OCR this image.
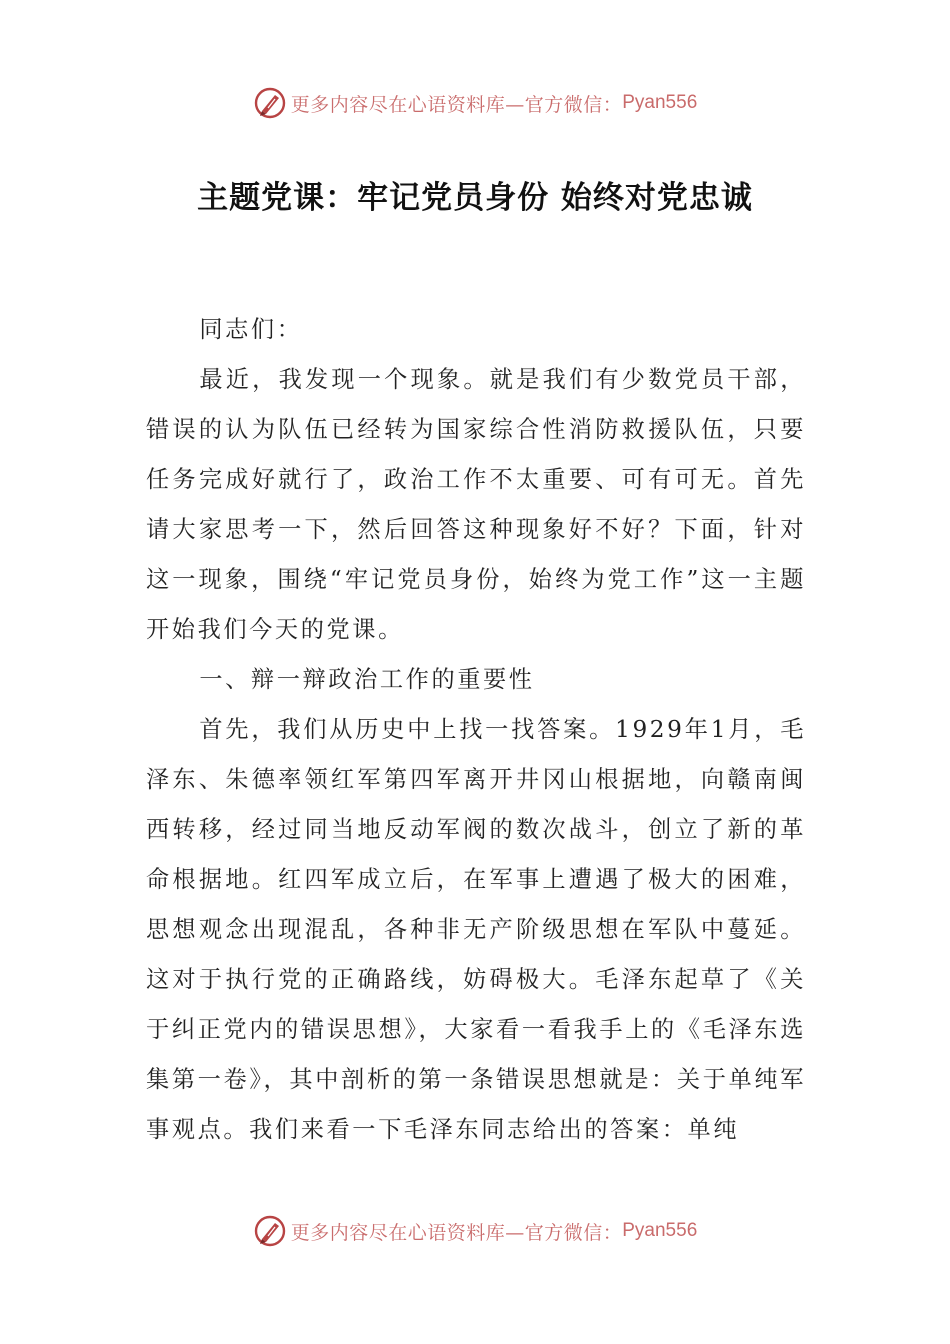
更多内容尽在心语资料库—官方微信： Pyan556
主题党课：牢记党员身份 始终对党忠诚

同志们：

最近，我发现一个现象。就是我们有少数党员干部，错误的认为队伍已经转为国家综合性消防救援队伍，只要任务完成好就行了，政治工作不太重要、可有可无。首先请大家思考一下，然后回答这种现象好不好？下面，针对这一现象，围绕“牢记党员身份，始终为党工作”这一主题开始我们今天的党课。

一、辩一辩政治工作的重要性

首先，我们从历史中上找一找答案。1929年1月，毛泽东、朱德率领红军第四军离开井冈山根据地，向赣南闽西转移，经过同当地反动军阀的数次战斗，创立了新的革命根据地。红四军成立后，在军事上遭遇了极大的困难，思想观念出现混乱，各种非无产阶级思想在军队中蔓延。这对于执行党的正确路线，妨碍极大。毛泽东起草了《关于纠正党内的错误思想》，大家看一看我手上的《毛泽东选集第一卷》，其中剖析的第一条错误思想就是：关于单纯军事观点。我们来看一下毛泽东同志给出的答案：单纯

更多内容尽在心语资料库—官方微信： Pyan556
